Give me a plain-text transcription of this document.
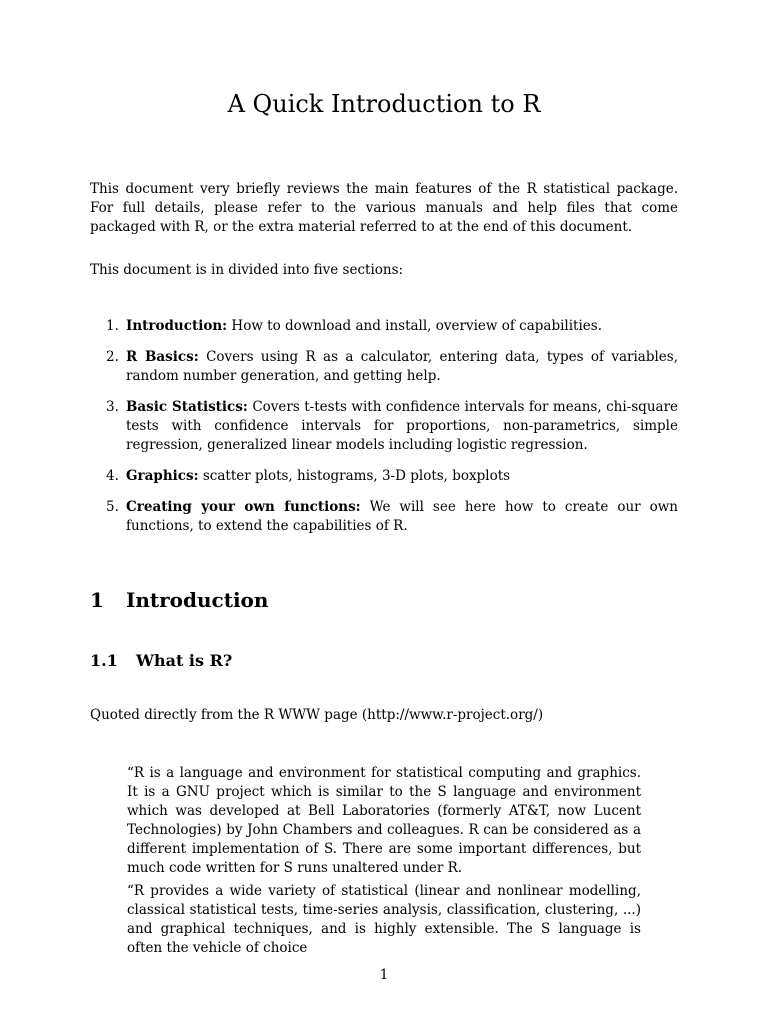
A Quick Introduction to R

This document very briefly reviews the main features of the R statistical package. For full details, please refer to the various manuals and help files that come packaged with R, or the extra material referred to at the end of this document.

This document is in divided into five sections:

1. Introduction: How to download and install, overview of capabilities.
2. R Basics: Covers using R as a calculator, entering data, types of variables, random number generation, and getting help.
3. Basic Statistics: Covers t-tests with confidence intervals for means, chi-square tests with confidence intervals for proportions, non-parametrics, simple regression, generalized linear models including logistic regression.
4. Graphics: scatter plots, histograms, 3-D plots, boxplots
5. Creating your own functions: We will see here how to create our own functions, to extend the capabilities of R.
1 Introduction
1.1 What is R?

Quoted directly from the R WWW page (http://www.r-project.org/)

“R is a language and environment for statistical computing and graphics. It is a GNU project which is similar to the S language and environment which was developed at Bell Laboratories (formerly AT&T, now Lucent Technologies) by John Chambers and colleagues. R can be considered as a different implementation of S. There are some important differences, but much code written for S runs unaltered under R.

“R provides a wide variety of statistical (linear and nonlinear modelling, classical statistical tests, time-series analysis, classification, clustering, ...) and graphical techniques, and is highly extensible. The S language is often the vehicle of choice

1
